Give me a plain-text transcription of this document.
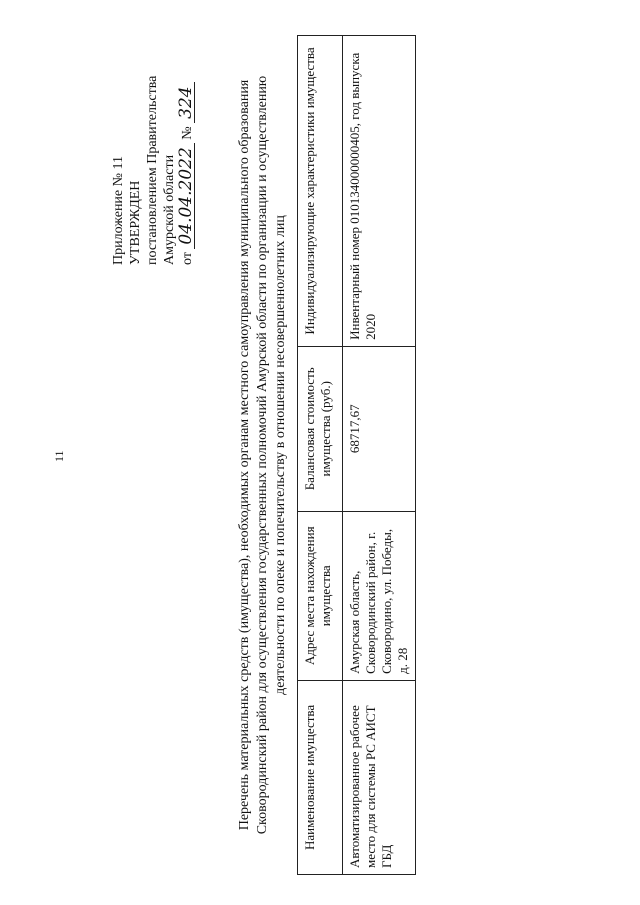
11
Приложение № 11 УТВЕРЖДЕН постановлением Правительства Амурской области от 04.04.2022 № 324	Перечень материальных средств (имущества), необходимых органам местного самоуправления муниципального образования Сковородинский район для осуществления государственных полномочий Амурской области по организации и осуществлению деятельности по опеке и попечительству в отношении несовершеннолетних лиц
Наименование имущества	Адрес места нахождения имущества	Балансовая стоимость имущества (руб.)	Индивидуализирующие характеристики имущества
Автоматизированное рабочее место для системы РС АИСТ ГБД	Амурская область, Сковородинский район, г. Сковородино, ул. Победы, д. 28	68717,67	Инвентарный номер 010134000000405, год выпуска 2020
